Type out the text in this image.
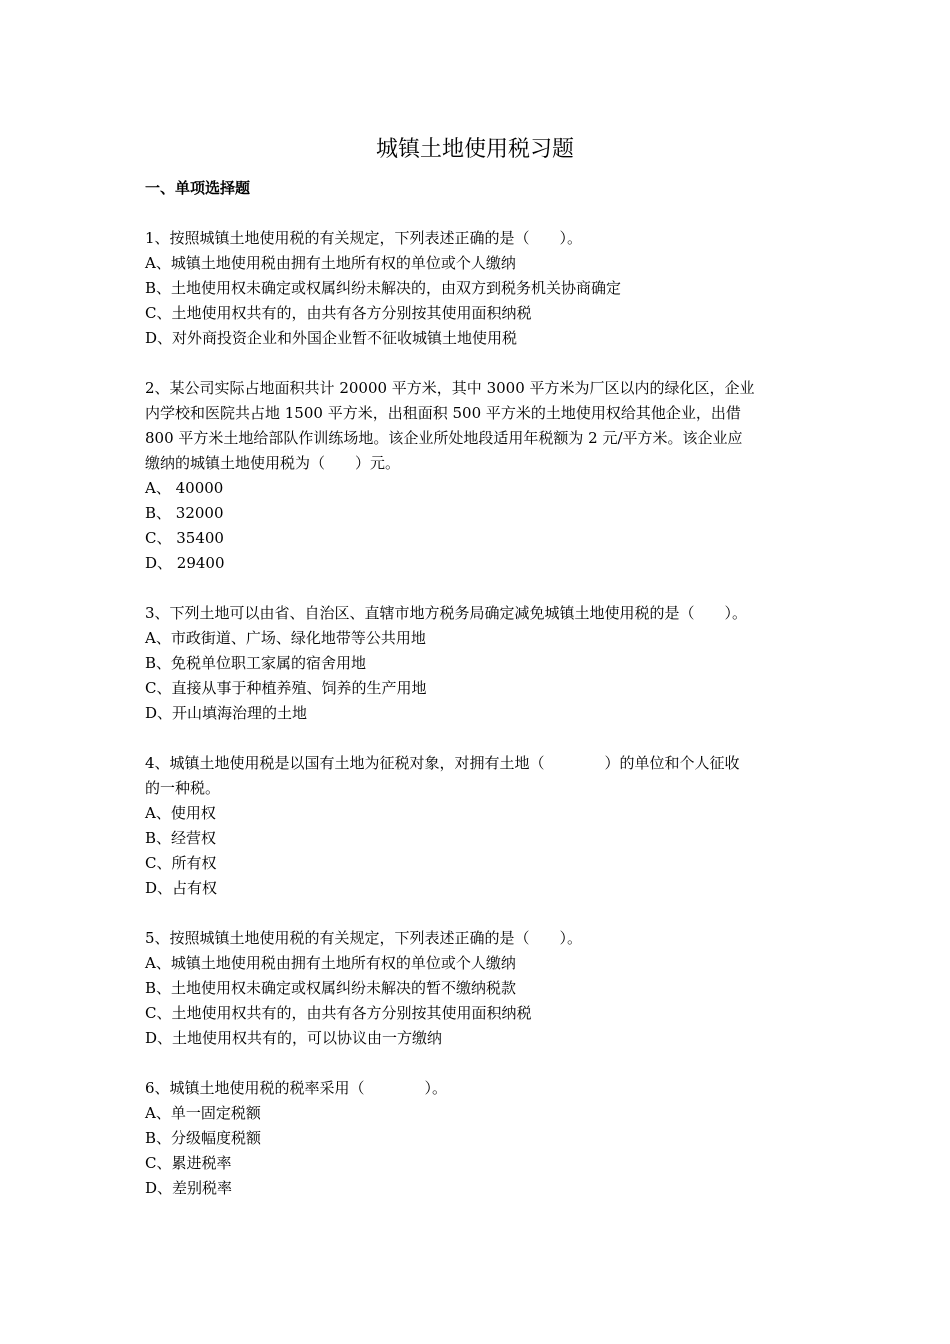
城镇土地使用税习题
一、单项选择题

1、按照城镇土地使用税的有关规定，下列表述正确的是（　　）。

A、城镇土地使用税由拥有土地所有权的单位或个人缴纳

B、土地使用权未确定或权属纠纷未解决的，由双方到税务机关协商确定

C、土地使用权共有的，由共有各方分别按其使用面积纳税

D、对外商投资企业和外国企业暂不征收城镇土地使用税

2、某公司实际占地面积共计 20000 平方米，其中 3000 平方米为厂区以内的绿化区，企业

内学校和医院共占地 1500 平方米，出租面积 500 平方米的土地使用权给其他企业，出借

800 平方米土地给部队作训练场地。该企业所处地段适用年税额为 2 元/平方米。该企业应

缴纳的城镇土地使用税为（　　）元。

A、 40000

B、 32000

C、 35400

D、 29400

3、下列土地可以由省、自治区、直辖市地方税务局确定减免城镇土地使用税的是（　　）。

A、市政街道、广场、绿化地带等公共用地

B、免税单位职工家属的宿舍用地

C、直接从事于种植养殖、饲养的生产用地

D、开山填海治理的土地

4、城镇土地使用税是以国有土地为征税对象，对拥有土地（　　　　）的单位和个人征收

的一种税。

A、使用权

B、经营权

C、所有权

D、占有权

5、按照城镇土地使用税的有关规定，下列表述正确的是（　　）。

A、城镇土地使用税由拥有土地所有权的单位或个人缴纳

B、土地使用权未确定或权属纠纷未解决的暂不缴纳税款

C、土地使用权共有的，由共有各方分别按其使用面积纳税

D、土地使用权共有的，可以协议由一方缴纳

6、城镇土地使用税的税率采用（　　　　）。

A、单一固定税额

B、分级幅度税额

C、累进税率

D、差别税率
